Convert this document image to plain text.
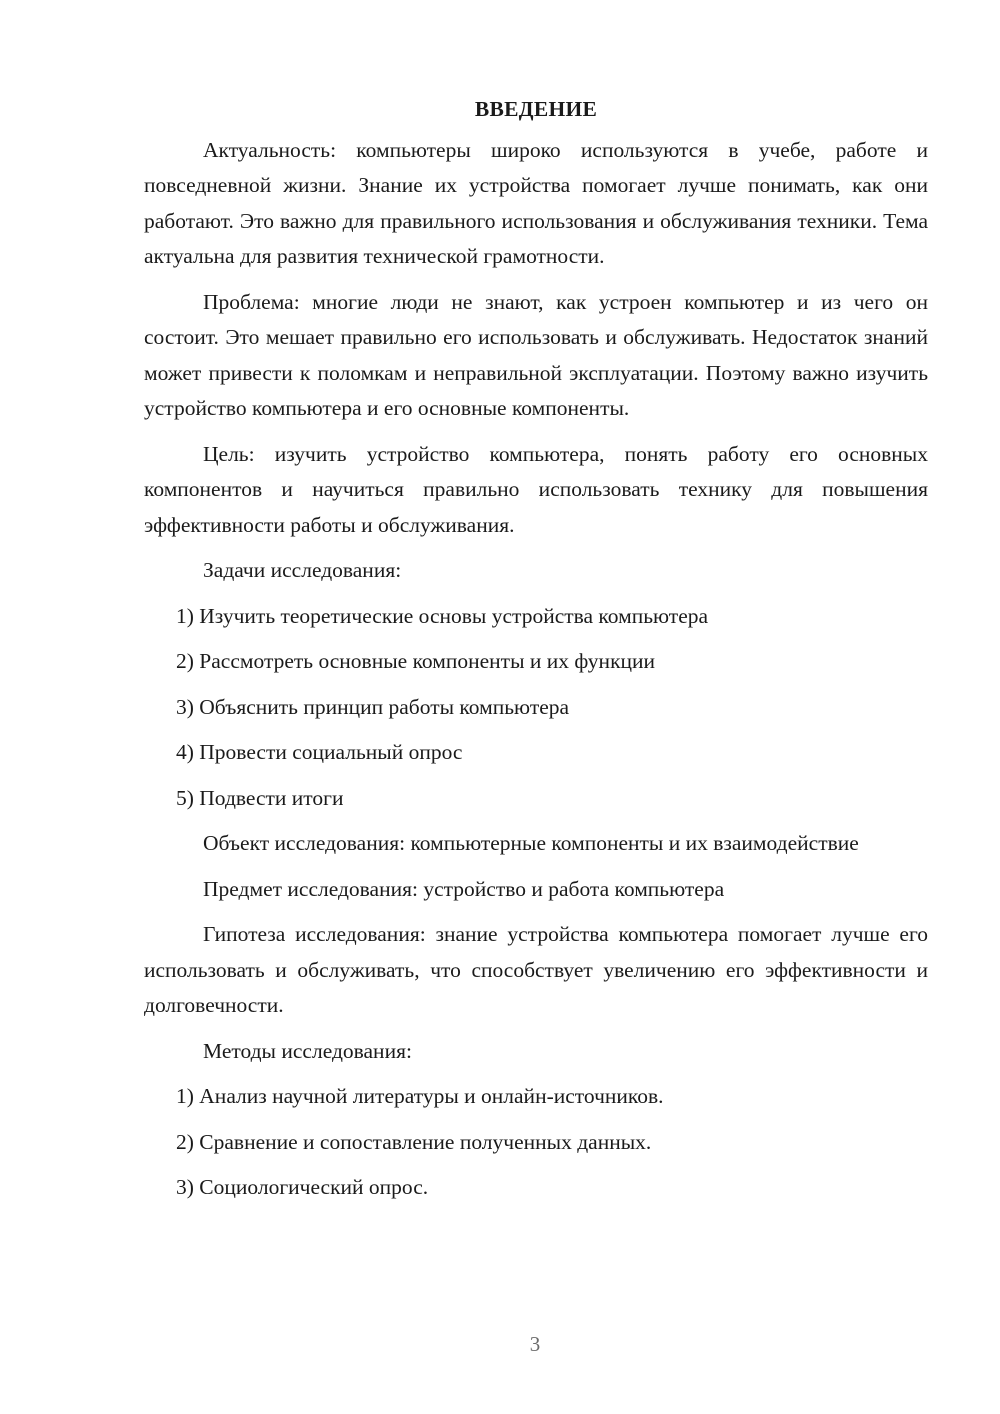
ВВЕДЕНИЕ
Актуальность: компьютеры широко используются в учебе, работе и повседневной жизни. Знание их устройства помогает лучше понимать, как они работают. Это важно для правильного использования и обслуживания техники. Тема актуальна для развития технической грамотности.
Проблема: многие люди не знают, как устроен компьютер и из чего он состоит. Это мешает правильно его использовать и обслуживать. Недостаток знаний может привести к поломкам и неправильной эксплуатации. Поэтому важно изучить устройство компьютера и его основные компоненты.
Цель: изучить устройство компьютера, понять работу его основных компонентов и научиться правильно использовать технику для повышения эффективности работы и обслуживания.
Задачи исследования:
1) Изучить теоретические основы устройства компьютера
2) Рассмотреть основные компоненты и их функции
3) Объяснить принцип работы компьютера
4) Провести социальный опрос
5) Подвести итоги
Объект исследования: компьютерные компоненты и их взаимодействие
Предмет исследования: устройство и работа компьютера
Гипотеза исследования: знание устройства компьютера помогает лучше его использовать и обслуживать, что способствует увеличению его эффективности и долговечности.
Методы исследования:
1) Анализ научной литературы и онлайн-источников.
2) Сравнение и сопоставление полученных данных.
3) Социологический опрос.
3
